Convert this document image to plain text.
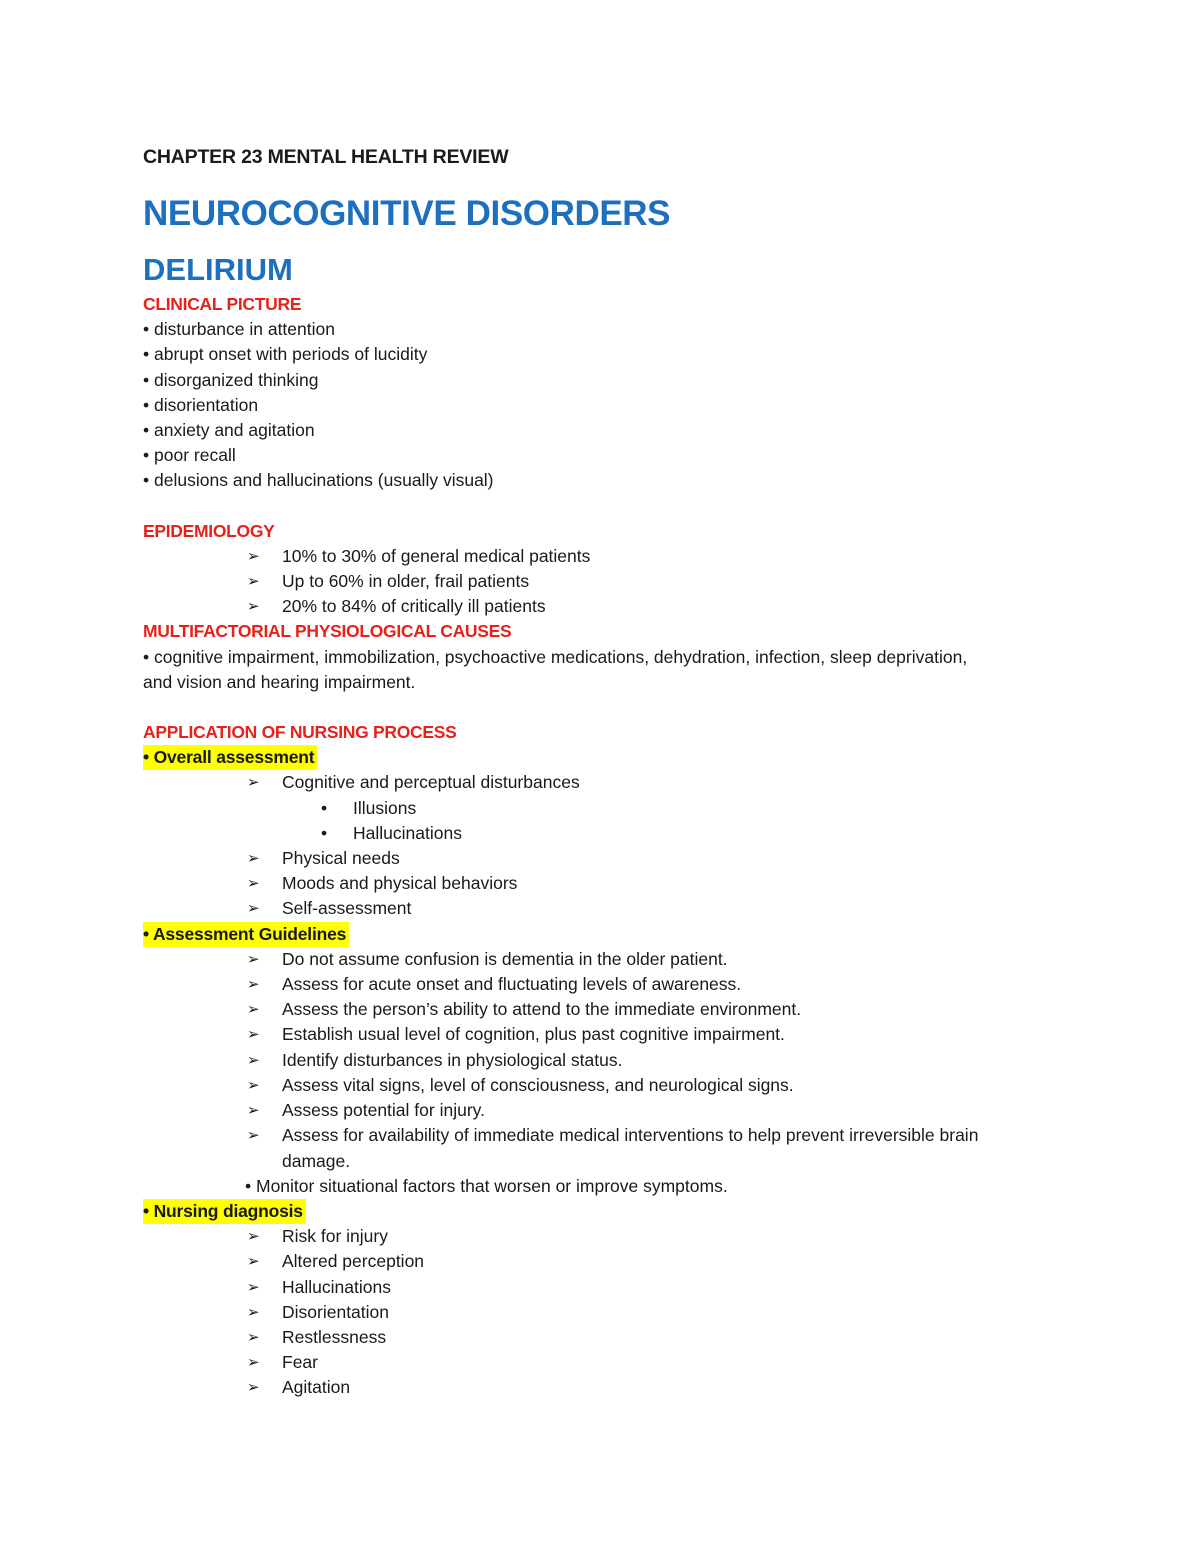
CHAPTER 23 MENTAL HEALTH REVIEW
NEUROCOGNITIVE DISORDERS
DELIRIUM
CLINICAL PICTURE
• disturbance in attention
• abrupt onset with periods of lucidity
• disorganized thinking
• disorientation
• anxiety and agitation
• poor recall
• delusions and hallucinations (usually visual)
EPIDEMIOLOGY
➢ 10% to 30% of general medical patients
➢ Up to 60% in older, frail patients
➢ 20% to 84% of critically ill patients
MULTIFACTORIAL PHYSIOLOGICAL CAUSES
• cognitive impairment, immobilization, psychoactive medications, dehydration, infection, sleep deprivation,
and vision and hearing impairment.
APPLICATION OF NURSING PROCESS
• Overall assessment
➢ Cognitive and perceptual disturbances
• Illusions
• Hallucinations
➢ Physical needs
➢ Moods and physical behaviors
➢ Self-assessment
• Assessment Guidelines
➢ Do not assume confusion is dementia in the older patient.
➢ Assess for acute onset and fluctuating levels of awareness.
➢ Assess the person’s ability to attend to the immediate environment.
➢ Establish usual level of cognition, plus past cognitive impairment.
➢ Identify disturbances in physiological status.
➢ Assess vital signs, level of consciousness, and neurological signs.
➢ Assess potential for injury.
➢ Assess for availability of immediate medical interventions to help prevent irreversible brain
damage.
• Monitor situational factors that worsen or improve symptoms.
• Nursing diagnosis
➢ Risk for injury
➢ Altered perception
➢ Hallucinations
➢ Disorientation
➢ Restlessness
➢ Fear
➢ Agitation
